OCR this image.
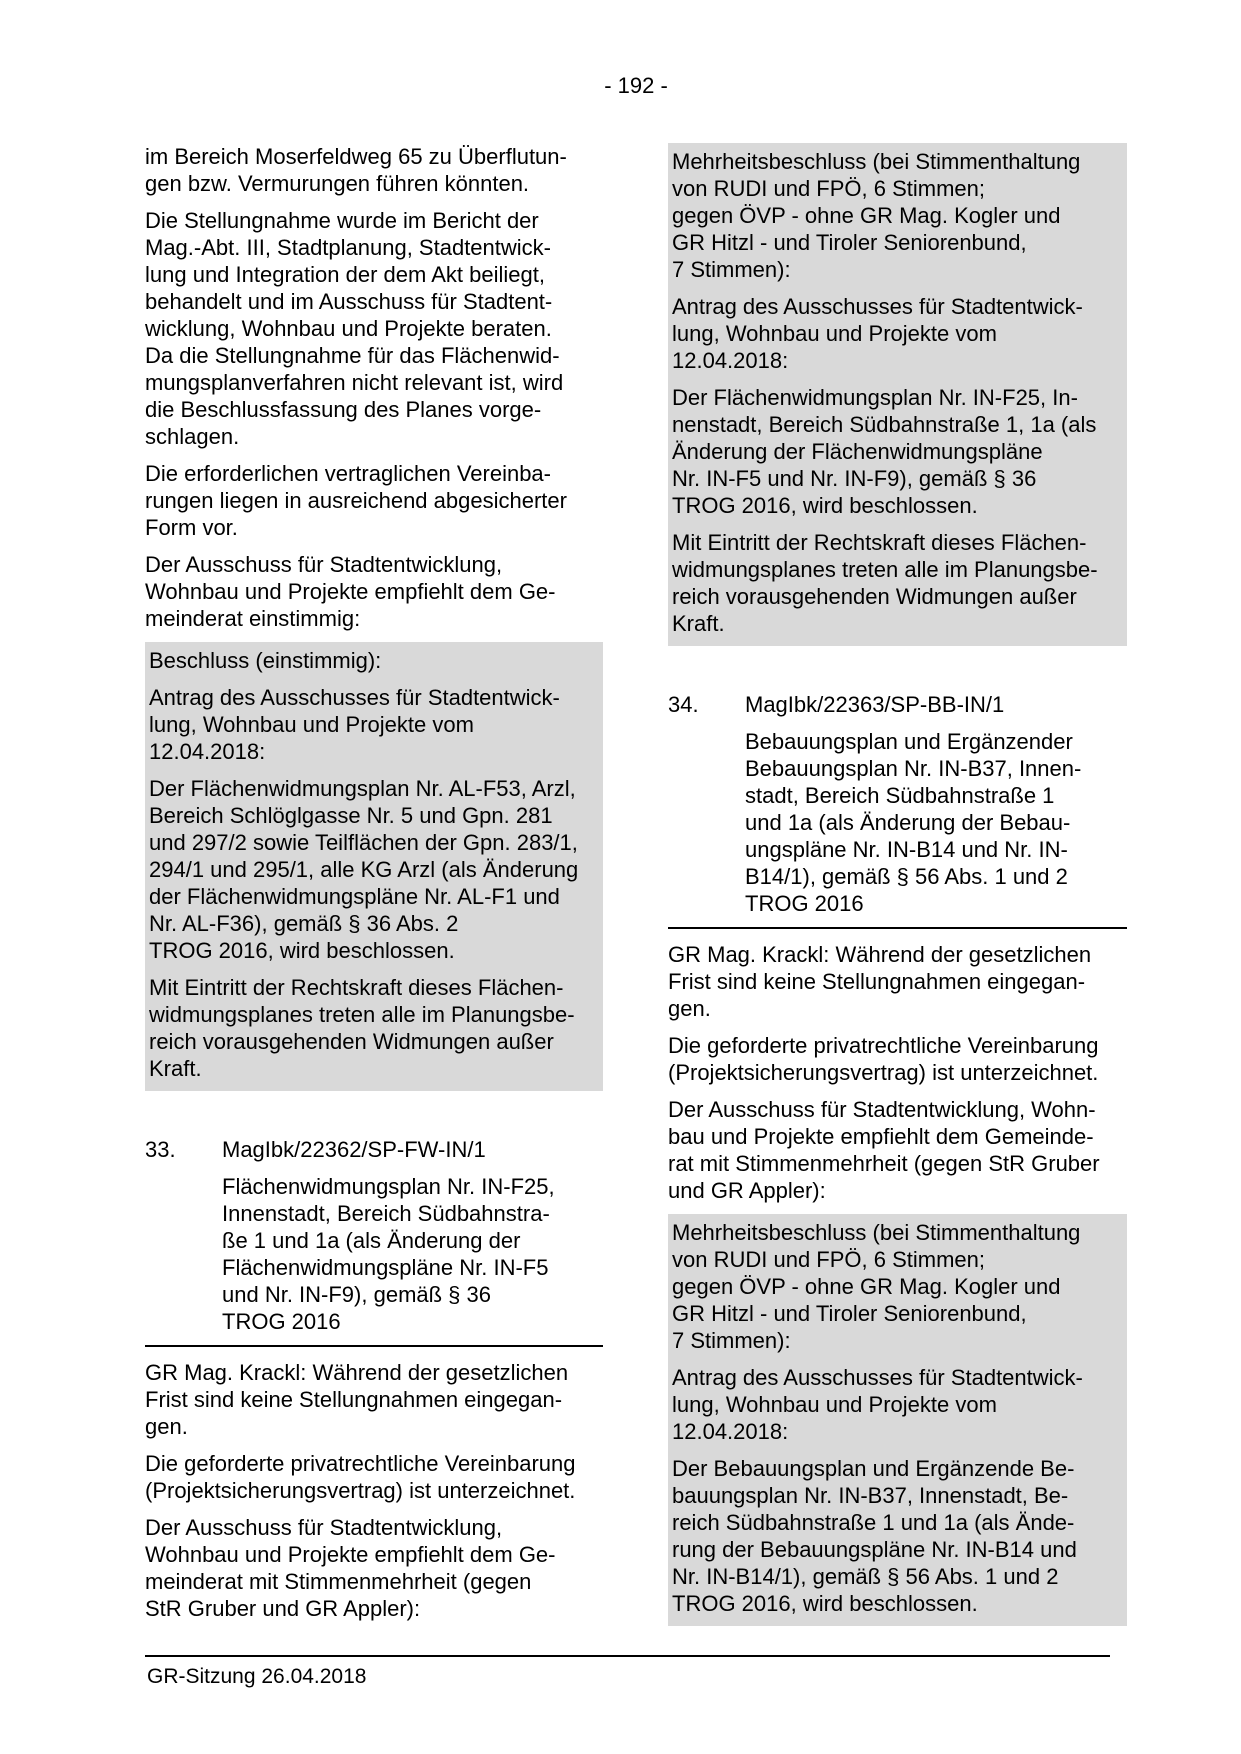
- 192 -
im Bereich Moserfeldweg 65 zu Überflutun-
gen bzw. Vermurungen führen könnten.
Die Stellungnahme wurde im Bericht der
Mag.-Abt. III, Stadtplanung, Stadtentwick-
lung und Integration der dem Akt beiliegt,
behandelt und im Ausschuss für Stadtent-
wicklung, Wohnbau und Projekte beraten.
Da die Stellungnahme für das Flächenwid-
mungsplanverfahren nicht relevant ist, wird
die Beschlussfassung des Planes vorge-
schlagen.
Die erforderlichen vertraglichen Vereinba-
rungen liegen in ausreichend abgesicherter
Form vor.
Der Ausschuss für Stadtentwicklung,
Wohnbau und Projekte empfiehlt dem Ge-
meinderat einstimmig:
Beschluss (einstimmig):
Antrag des Ausschusses für Stadtentwick-
lung, Wohnbau und Projekte vom
12.04.2018:
Der Flächenwidmungsplan Nr. AL-F53, Arzl,
Bereich Schlöglgasse Nr. 5 und Gpn. 281
und 297/2 sowie Teilflächen der Gpn. 283/1,
294/1 und 295/1, alle KG Arzl (als Änderung
der Flächenwidmungspläne Nr. AL-F1 und
Nr. AL-F36), gemäß § 36 Abs. 2
TROG 2016, wird beschlossen.
Mit Eintritt der Rechtskraft dieses Flächen-
widmungsplanes treten alle im Planungsbe-
reich vorausgehenden Widmungen außer
Kraft.
33. MagIbk/22362/SP-FW-IN/1
Flächenwidmungsplan Nr. IN-F25,
Innenstadt, Bereich Südbahnstra-
ße 1 und 1a (als Änderung der
Flächenwidmungspläne Nr. IN-F5
und Nr. IN-F9), gemäß § 36
TROG 2016
GR Mag. Krackl: Während der gesetzlichen
Frist sind keine Stellungnahmen eingegan-
gen.
Die geforderte privatrechtliche Vereinbarung
(Projektsicherungsvertrag) ist unterzeichnet.
Der Ausschuss für Stadtentwicklung,
Wohnbau und Projekte empfiehlt dem Ge-
meinderat mit Stimmenmehrheit (gegen
StR Gruber und GR Appler):
Mehrheitsbeschluss (bei Stimmenthaltung
von RUDI und FPÖ, 6 Stimmen;
gegen ÖVP - ohne GR Mag. Kogler und
GR Hitzl - und Tiroler Seniorenbund,
7 Stimmen):
Antrag des Ausschusses für Stadtentwick-
lung, Wohnbau und Projekte vom
12.04.2018:
Der Flächenwidmungsplan Nr. IN-F25, In-
nenstadt, Bereich Südbahnstraße 1, 1a (als
Änderung der Flächenwidmungspläne
Nr. IN-F5 und Nr. IN-F9), gemäß § 36
TROG 2016, wird beschlossen.
Mit Eintritt der Rechtskraft dieses Flächen-
widmungsplanes treten alle im Planungsbe-
reich vorausgehenden Widmungen außer
Kraft.
34. MagIbk/22363/SP-BB-IN/1
Bebauungsplan und Ergänzender
Bebauungsplan Nr. IN-B37, Innen-
stadt, Bereich Südbahnstraße 1
und 1a (als Änderung der Bebau-
ungspläne Nr. IN-B14 und Nr. IN-
B14/1), gemäß § 56 Abs. 1 und 2
TROG 2016
GR Mag. Krackl: Während der gesetzlichen
Frist sind keine Stellungnahmen eingegan-
gen.
Die geforderte privatrechtliche Vereinbarung
(Projektsicherungsvertrag) ist unterzeichnet.
Der Ausschuss für Stadtentwicklung, Wohn-
bau und Projekte empfiehlt dem Gemeinde-
rat mit Stimmenmehrheit (gegen StR Gruber
und GR Appler):
Mehrheitsbeschluss (bei Stimmenthaltung
von RUDI und FPÖ, 6 Stimmen;
gegen ÖVP - ohne GR Mag. Kogler und
GR Hitzl - und Tiroler Seniorenbund,
7 Stimmen):
Antrag des Ausschusses für Stadtentwick-
lung, Wohnbau und Projekte vom
12.04.2018:
Der Bebauungsplan und Ergänzende Be-
bauungsplan Nr. IN-B37, Innenstadt, Be-
reich Südbahnstraße 1 und 1a (als Ände-
rung der Bebauungspläne Nr. IN-B14 und
Nr. IN-B14/1), gemäß § 56 Abs. 1 und 2
TROG 2016, wird beschlossen.
GR-Sitzung 26.04.2018
